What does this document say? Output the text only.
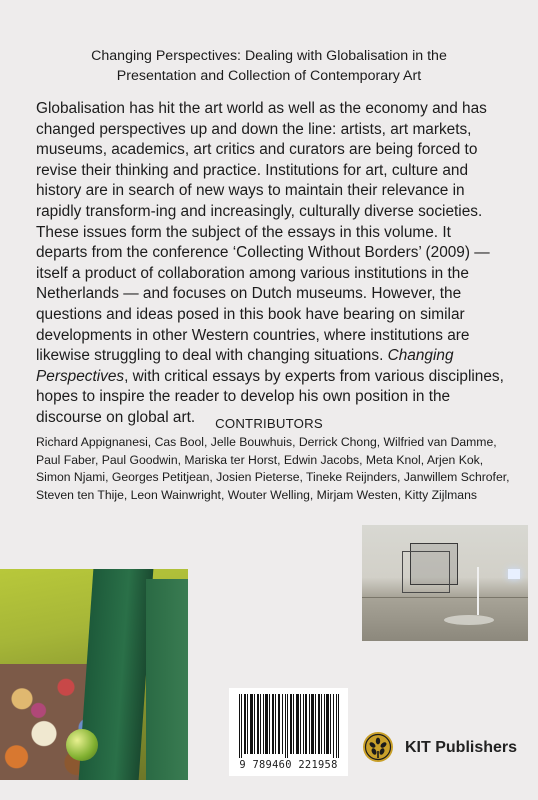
Changing Perspectives: Dealing with Globalisation in the
Presentation and Collection of Contemporary Art

Globalisation has hit the art world as well as the economy and has changed perspectives up and down the line: artists, art markets, museums, academics, art critics and curators are being forced to revise their thinking and practice. Institutions for art, culture and history are in search of new ways to maintain their relevance in rapidly transform-ing and increasingly, culturally diverse societies. These issues form the subject of the essays in this volume. It departs from the conference ‘Collecting Without Borders’ (2009) — itself a product of collaboration among various institutions in the Netherlands — and focuses on Dutch museums. However, the questions and ideas posed in this book have bearing on similar developments in other Western countries, where institutions are likewise struggling to deal with changing situations. Changing Perspectives, with critical essays by experts from various disciplines, hopes to inspire the reader to develop his own position in the discourse on global art.	CONTRIBUTORS

Richard Appignanesi, Cas Bool, Jelle Bouwhuis, Derrick Chong, Wilfried van Damme, Paul Faber, Paul Goodwin, Mariska ter Horst, Edwin Jacobs, Meta Knol, Arjen Kok, Simon Njami, Georges Petitjean, Josien Pieterse, Tineke Reijnders, Janwillem Schrofer, Steven ten Thije, Leon Wainwright, Wouter Welling, Mirjam Westen, Kitty Zijlmans

9 789460 221958
KIT Publishers
